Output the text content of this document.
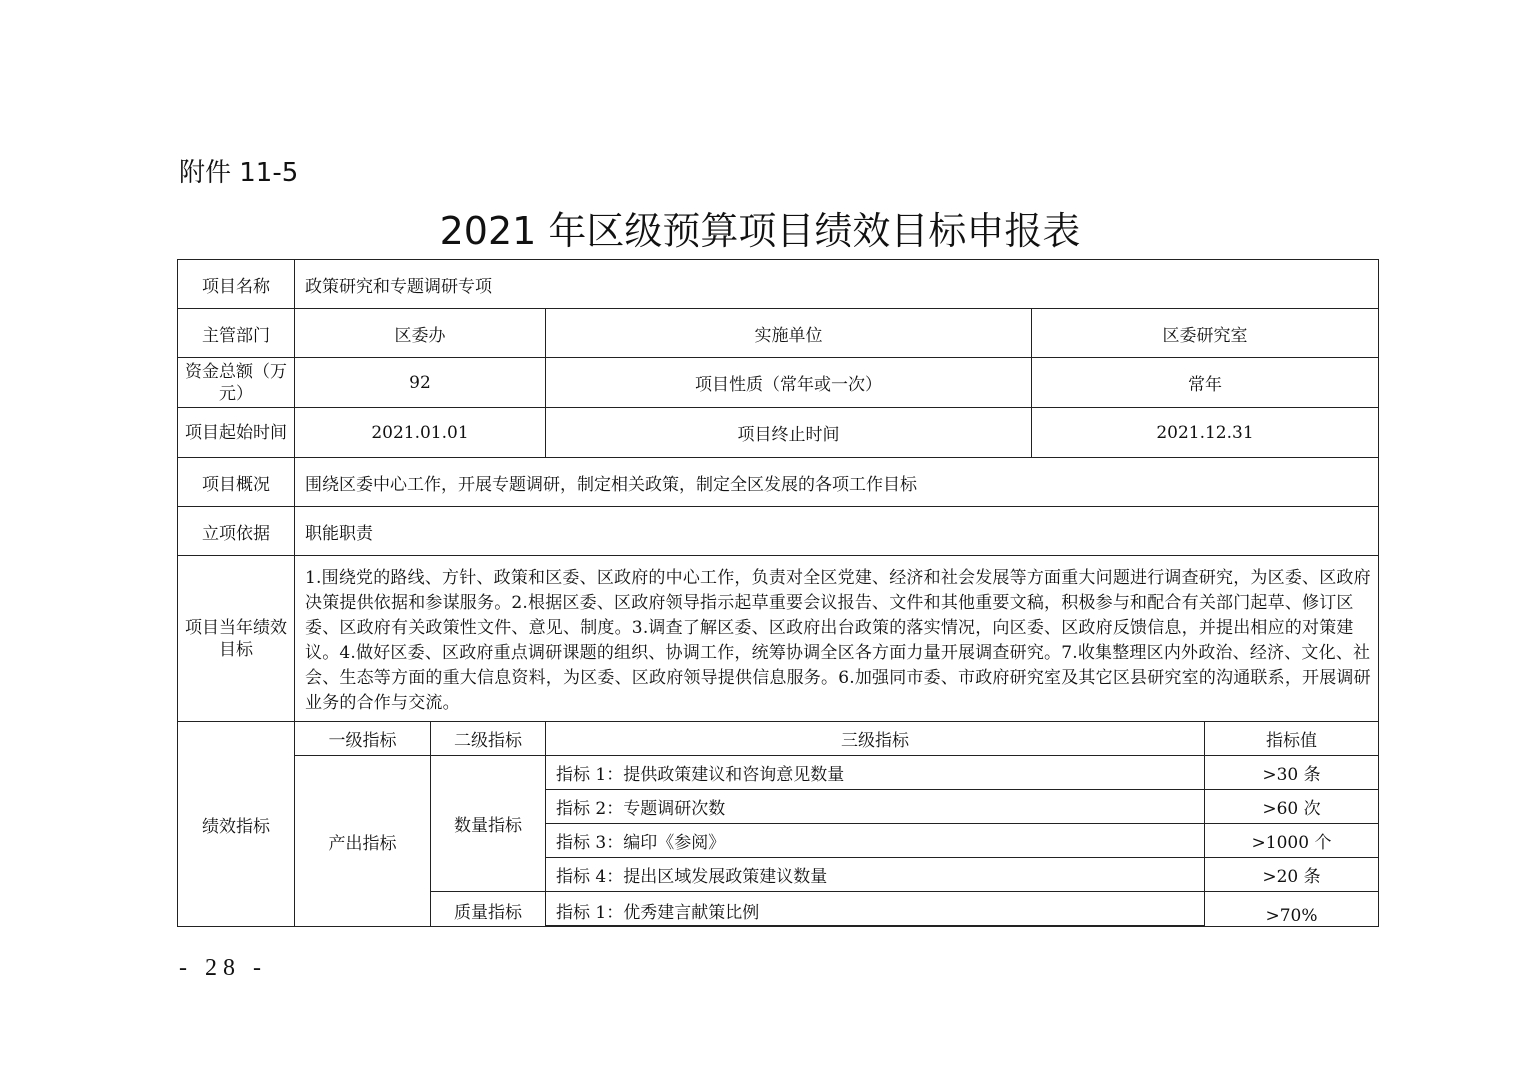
附件 11-5
2021 年区级预算项目绩效目标申报表
项目名称	政策研究和专题调研专项				
主管部门	区委办		实施单位	区委研究室	
资金总额（万元）	92		项目性质（常年或一次）	常年	
项目起始时间	2021.01.01		项目终止时间	2021.12.31	
项目概况	围绕区委中心工作，开展专题调研，制定相关政策，制定全区发展的各项工作目标				
立项依据	职能职责				
项目当年绩效目标	1.围绕党的路线、方针、政策和区委、区政府的中心工作，负责对全区党建、经济和社会发展等方面重大问题进行调查研究，为区委、区政府决策提供依据和参谋服务。2.根据区委、区政府领导指示起草重要会议报告、文件和其他重要文稿，积极参与和配合有关部门起草、修订区委、区政府有关政策性文件、意见、制度。3.调查了解区委、区政府出台政策的落实情况，向区委、区政府反馈信息，并提出相应的对策建议。4.做好区委、区政府重点调研课题的组织、协调工作，统筹协调全区各方面力量开展调查研究。7.收集整理区内外政治、经济、文化、社会、生态等方面的重大信息资料，为区委、区政府领导提供信息服务。6.加强同市委、市政府研究室及其它区县研究室的沟通联系，开展调研业务的合作与交流。				
绩效指标	一级指标	二级指标	三级指标		指标值
	产出指标	数量指标	指标 1：提供政策建议和咨询意见数量		>30 条
			指标 2：专题调研次数		>60 次
			指标 3：编印《参阅》		>1000 个
			指标 4：提出区域发展政策建议数量		>20 条
		质量指标	指标 1：优秀建言献策比例		>70%

- 28 -
